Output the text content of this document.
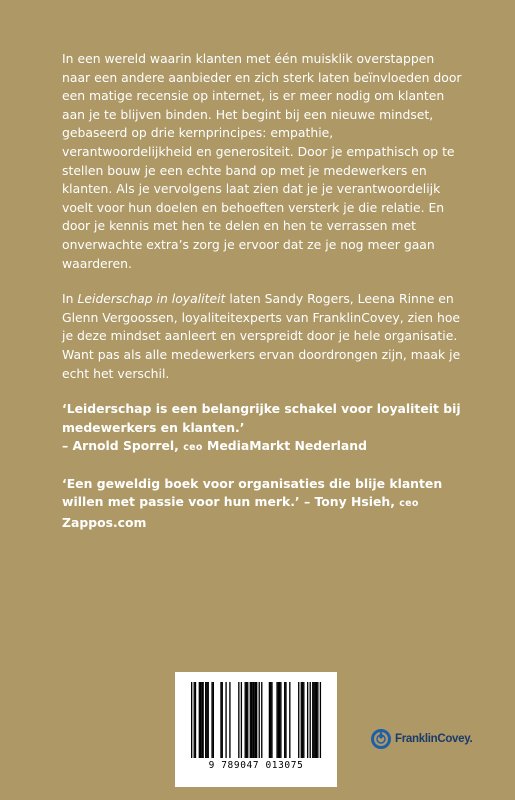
In een wereld waarin klanten met één muisklik overstappen naar een andere aanbieder en zich sterk laten beïnvloeden door een matige recensie op internet, is er meer nodig om klanten aan je te blijven binden. Het begint bij een nieuwe mindset, gebaseerd op drie kernprincipes: empathie, verantwoordelijkheid en generositeit. Door je empathisch op te stellen bouw je een echte band op met je medewerkers en klanten. Als je vervolgens laat zien dat je je verantwoordelijk voelt voor hun doelen en behoeften versterk je die relatie. En door je kennis met hen te delen en hen te verrassen met onverwachte extra’s zorg je ervoor dat ze je nog meer gaan waarderen.

In Leiderschap in loyaliteit laten Sandy Rogers, Leena Rinne en Glenn Vergoossen, loyaliteitexperts van FranklinCovey, zien hoe je deze mindset aanleert en verspreidt door je hele organisatie. Want pas als alle medewerkers ervan doordrongen zijn, maak je echt het verschil.

‘Leiderschap is een belangrijke schakel voor loyaliteit bij medewerkers en klanten.’
– Arnold Sporrel, ceo MediaMarkt Nederland

‘Een geweldig boek voor organisaties die blije klanten willen met passie voor hun merk.’ – Tony Hsieh, ceo Zappos.com

9 789047 013075
FranklinCovey.
